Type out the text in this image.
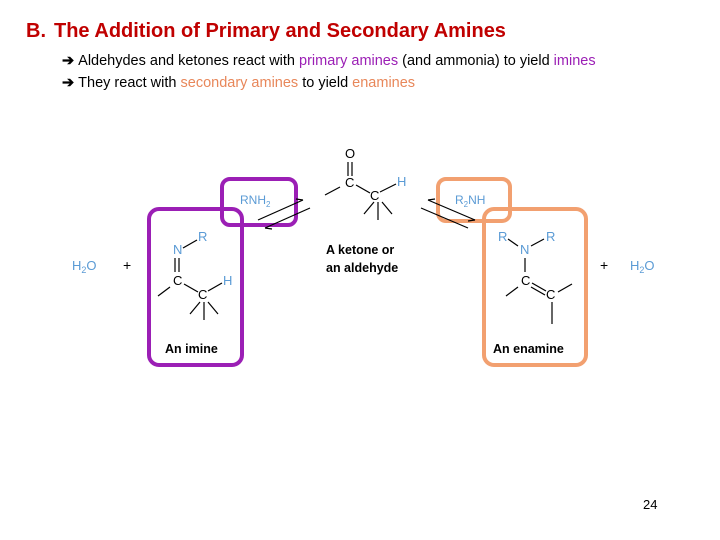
B. The Addition of Primary and Secondary Amines
➔ Aldehydes and ketones react with primary amines (and ammonia) to yield imines
➔ They react with secondary amines to yield enamines
$H_2O$ +	+ $H_2O$
$RNH_2$	$R_2NH$
O
C
C
H
A ketone or
an aldehyde
N
R
C
C
H
An imine
R
N
R
C
C
An enamine
24
